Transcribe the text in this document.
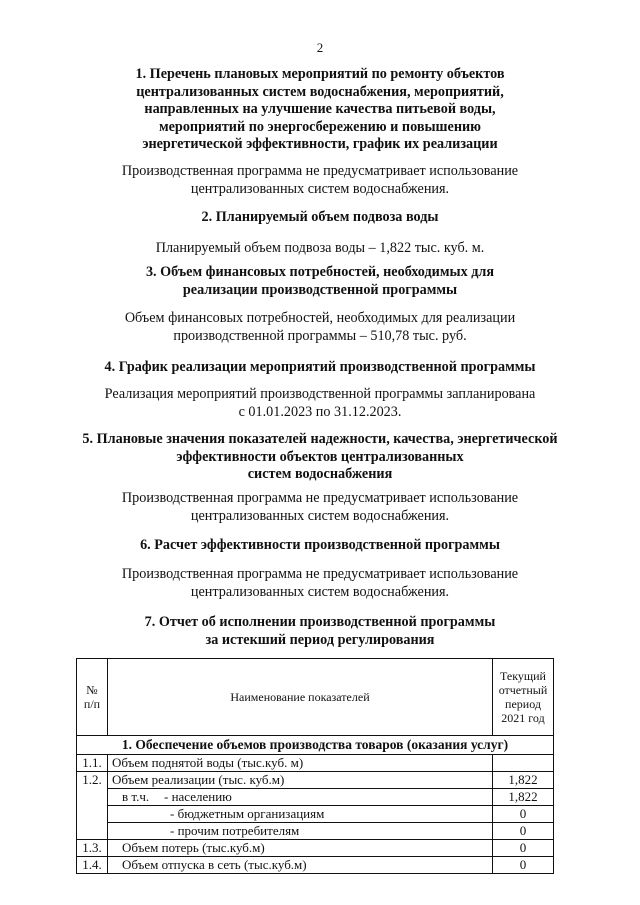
2
1. Перечень плановых мероприятий по ремонту объектов
централизованных систем водоснабжения, мероприятий,
направленных на улучшение качества питьевой воды,
мероприятий по энергосбережению и повышению
энергетической эффективности, график их реализации
Производственная программа не предусматривает использование
централизованных систем водоснабжения.
2. Планируемый объем подвоза воды
Планируемый объем подвоза воды – 1,822 тыс. куб. м.
3. Объем финансовых потребностей, необходимых для
реализации производственной программы
Объем финансовых потребностей, необходимых для реализации
производственной программы – 510,78 тыс. руб.
4. График реализации мероприятий производственной программы
Реализация мероприятий производственной программы запланирована
с 01.01.2023 по 31.12.2023.
5. Плановые значения показателей надежности, качества, энергетической
эффективности объектов централизованных
систем водоснабжения
Производственная программа не предусматривает использование
централизованных систем водоснабжения.
6. Расчет эффективности производственной программы
Производственная программа не предусматривает использование
централизованных систем водоснабжения.
7. Отчет об исполнении производственной программы
за истекший период регулирования
№
п/п	Наименование показателей	Текущий
отчетный
период
2021 год

1. Обеспечение объемов производства товаров (оказания услуг)		
1.1.	Объем поднятой воды (тыс.куб. м)	
1.2.	Объем реализации (тыс. куб.м)	1,822
	в т.ч. - населению	1,822
	- бюджетным организациям	0
	- прочим потребителям	0
1.3.	Объем потерь (тыс.куб.м)	0
1.4.	Объем отпуска в сеть (тыс.куб.м)	0
